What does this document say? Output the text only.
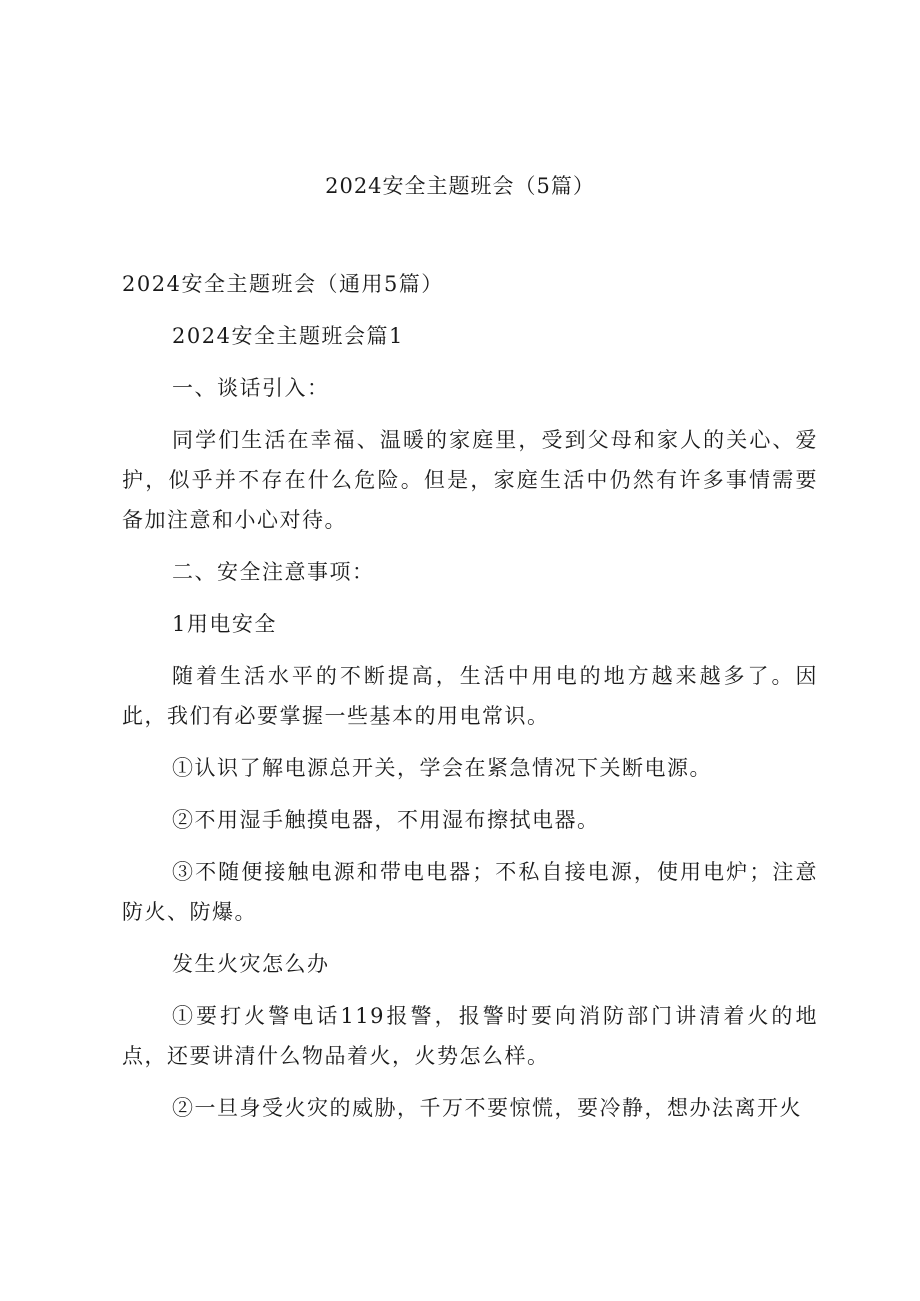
2024安全主题班会（5篇）

2024安全主题班会（通用5篇）

2024安全主题班会篇1

一、谈话引入：

同学们生活在幸福、温暖的家庭里，受到父母和家人的关心、爱护，似乎并不存在什么危险。但是，家庭生活中仍然有许多事情需要备加注意和小心对待。

二、安全注意事项：

1用电安全

随着生活水平的不断提高，生活中用电的地方越来越多了。因此，我们有必要掌握一些基本的用电常识。

①认识了解电源总开关，学会在紧急情况下关断电源。

②不用湿手触摸电器，不用湿布擦拭电器。

③不随便接触电源和带电电器；不私自接电源，使用电炉；注意防火、防爆。

发生火灾怎么办

①要打火警电话119报警，报警时要向消防部门讲清着火的地点，还要讲清什么物品着火，火势怎么样。

②一旦身受火灾的威胁，千万不要惊慌，要冷静，想办法离开火
